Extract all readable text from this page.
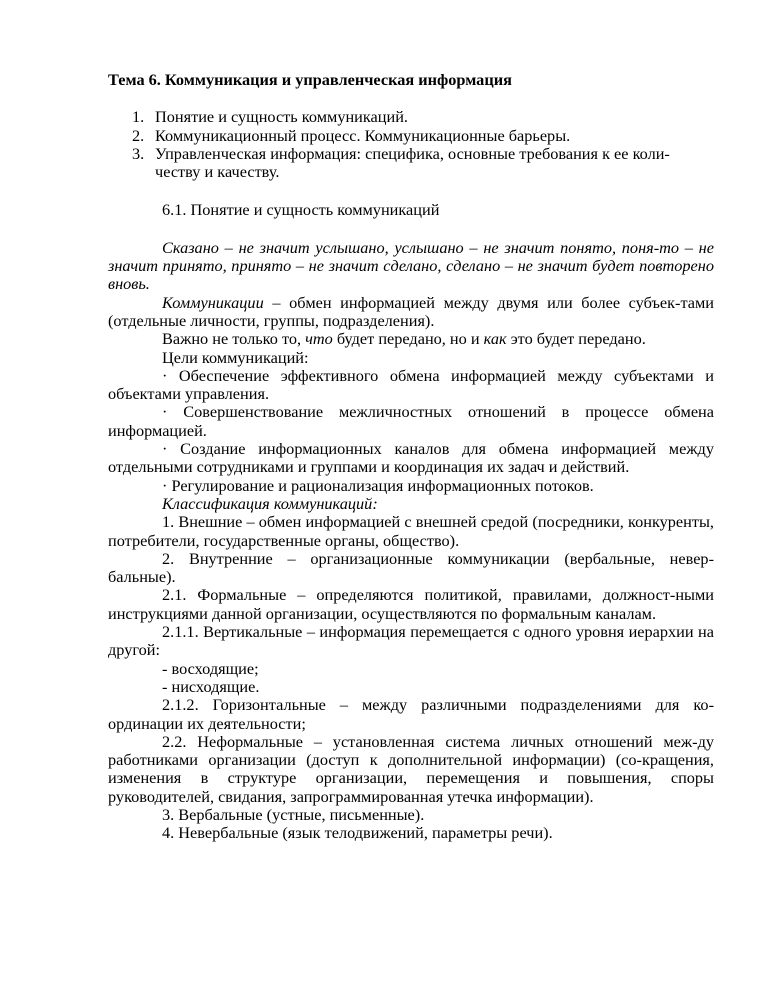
Тема 6. Коммуникация и управленческая информация
1. Понятие и сущность коммуникаций.
2. Коммуникационный процесс. Коммуникационные барьеры.
3. Управленческая информация: специфика, основные требования к ее коли-честву и качеству.
6.1. Понятие и сущность коммуникаций

Сказано – не значит услышано, услышано – не значит понято, поня-то – не значит принято, принято – не значит сделано, сделано – не значит будет повторено вновь.

Коммуникации – обмен информацией между двумя или более субъек-тами (отдельные личности, группы, подразделения).

Важно не только то, что будет передано, но и как это будет передано.

Цели коммуникаций:

· Обеспечение эффективного обмена информацией между субъектами и объектами управления.

· Совершенствование межличностных отношений в процессе обмена информацией.

· Создание информационных каналов для обмена информацией между отдельными сотрудниками и группами и координация их задач и действий.

· Регулирование и рационализация информационных потоков.

Классификация коммуникаций:

1. Внешние – обмен информацией с внешней средой (посредники, конкуренты, потребители, государственные органы, общество).

2. Внутренние – организационные коммуникации (вербальные, невер-бальные).

2.1. Формальные – определяются политикой, правилами, должност-ными инструкциями данной организации, осуществляются по формальным каналам.

2.1.1. Вертикальные – информация перемещается с одного уровня иерархии на другой:

- восходящие;

- нисходящие.

2.1.2. Горизонтальные – между различными подразделениями для ко-ординации их деятельности;

2.2. Неформальные – установленная система личных отношений меж-ду работниками организации (доступ к дополнительной информации) (со-кращения, изменения в структуре организации, перемещения и повышения, споры руководителей, свидания, запрограммированная утечка информации).

3. Вербальные (устные, письменные).

4. Невербальные (язык телодвижений, параметры речи).
